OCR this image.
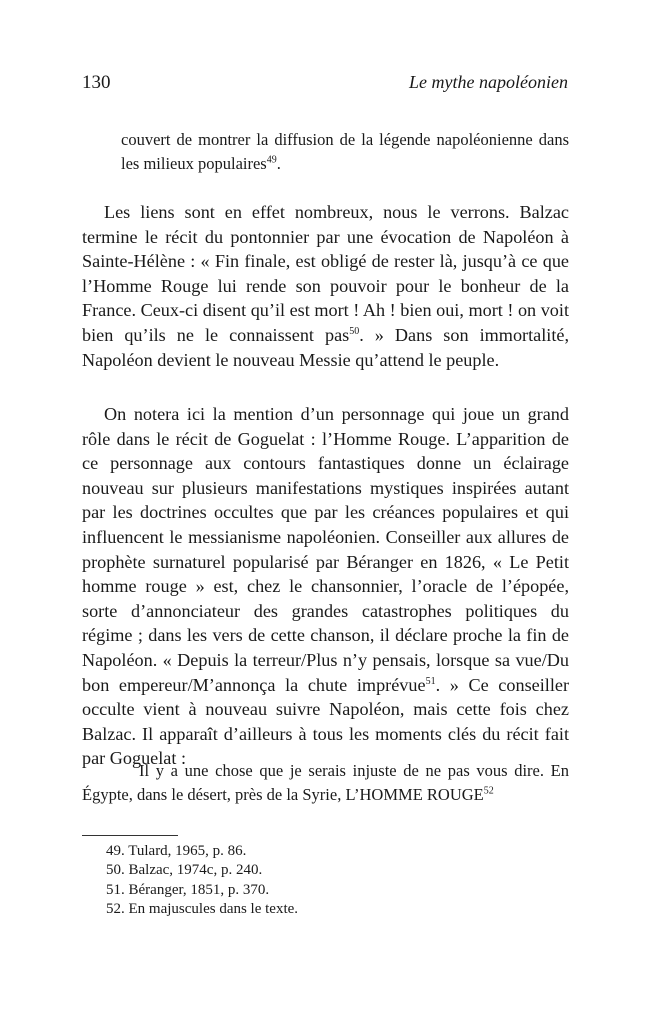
130	Le mythe napoléonien

couvert de montrer la diffusion de la légende napoléonienne dans les milieux populaires$^{49}$.

Les liens sont en effet nombreux, nous le verrons. Balzac termine le récit du pontonnier par une évocation de Napoléon à Sainte-Hélène : « Fin finale, est obligé de rester là, jusqu’à ce que l’Homme Rouge lui rende son pouvoir pour le bonheur de la France. Ceux-ci disent qu’il est mort ! Ah ! bien oui, mort ! on voit bien qu’ils ne le connaissent pas$^{50}$. » Dans son immortalité, Napoléon devient le nouveau Messie qu’attend le peuple.

On notera ici la mention d’un personnage qui joue un grand rôle dans le récit de Goguelat : l’Homme Rouge. L’apparition de ce personnage aux contours fantastiques donne un éclairage nouveau sur plusieurs manifestations mystiques inspirées autant par les doctrines occultes que par les créances populaires et qui influencent le messianisme napoléonien. Conseiller aux allures de prophète surnaturel popularisé par Béranger en 1826, « Le Petit homme rouge » est, chez le chansonnier, l’oracle de l’épopée, sorte d’annonciateur des grandes catastrophes politiques du régime ; dans les vers de cette chanson, il déclare proche la fin de Napoléon. « Depuis la terreur/Plus n’y pensais, lorsque sa vue/Du bon empereur/M’annonça la chute imprévue$^{51}$. » Ce conseiller occulte vient à nouveau suivre Napoléon, mais cette fois chez Balzac. Il apparaît d’ailleurs à tous les moments clés du récit fait par Goguelat :

Il y a une chose que je serais injuste de ne pas vous dire. En Égypte, dans le désert, près de la Syrie, L’HOMME ROUGE$^{52}$

49. Tulard, 1965, p. 86.
50. Balzac, 1974c, p. 240.
51. Béranger, 1851, p. 370.
52. En majuscules dans le texte.
